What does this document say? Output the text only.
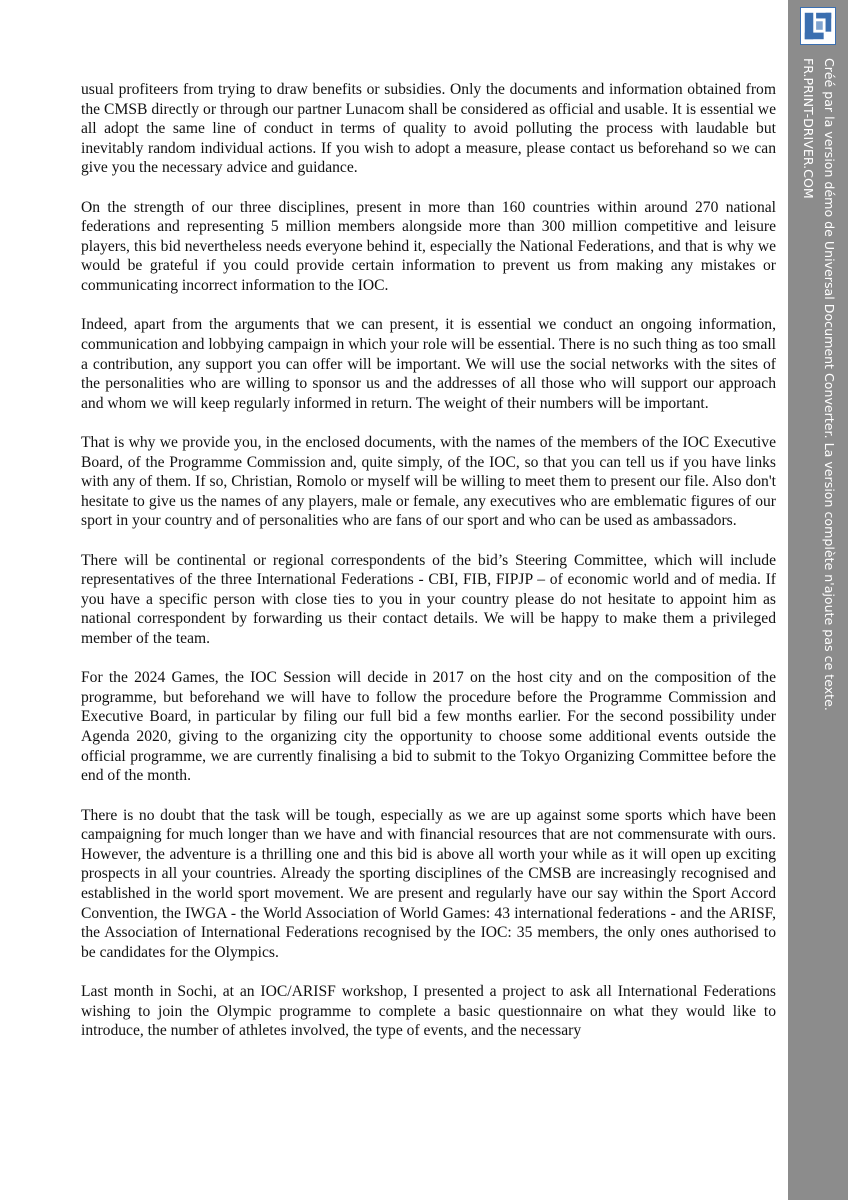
usual profiteers from trying to draw benefits or subsidies. Only the documents and information obtained from the CMSB directly or through our partner Lunacom shall be considered as official and usable. It is essential we all adopt the same line of conduct in terms of quality to avoid polluting the process with laudable but inevitably random individual actions. If you wish to adopt a measure, please contact us beforehand so we can give you the necessary advice and guidance.

On the strength of our three disciplines, present in more than 160 countries within around 270 national federations and representing 5 million members alongside more than 300 million competitive and leisure players, this bid nevertheless needs everyone behind it, especially the National Federations, and that is why we would be grateful if you could provide certain information to prevent us from making any mistakes or communicating incorrect information to the IOC.

Indeed, apart from the arguments that we can present, it is essential we conduct an ongoing information, communication and lobbying campaign in which your role will be essential. There is no such thing as too small a contribution, any support you can offer will be important. We will use the social networks with the sites of the personalities who are willing to sponsor us and the addresses of all those who will support our approach and whom we will keep regularly informed in return. The weight of their numbers will be important.

That is why we provide you, in the enclosed documents, with the names of the members of the IOC Executive Board, of the Programme Commission and, quite simply, of the IOC, so that you can tell us if you have links with any of them. If so, Christian, Romolo or myself will be willing to meet them to present our file. Also don't hesitate to give us the names of any players, male or female, any executives who are emblematic figures of our sport in your country and of personalities who are fans of our sport and who can be used as ambassadors.

There will be continental or regional correspondents of the bid’s Steering Committee, which will include representatives of the three International Federations - CBI, FIB, FIPJP – of economic world and of media. If you have a specific person with close ties to you in your country please do not hesitate to appoint him as national correspondent by forwarding us their contact details. We will be happy to make them a privileged member of the team.

For the 2024 Games, the IOC Session will decide in 2017 on the host city and on the composition of the programme, but beforehand we will have to follow the procedure before the Programme Commission and Executive Board, in particular by filing our full bid a few months earlier. For the second possibility under Agenda 2020, giving to the organizing city the opportunity to choose some additional events outside the official programme, we are currently finalising a bid to submit to the Tokyo Organizing Committee before the end of the month.

There is no doubt that the task will be tough, especially as we are up against some sports which have been campaigning for much longer than we have and with financial resources that are not commensurate with ours. However, the adventure is a thrilling one and this bid is above all worth your while as it will open up exciting prospects in all your countries. Already the sporting disciplines of the CMSB are increasingly recognised and established in the world sport movement. We are present and regularly have our say within the Sport Accord Convention, the IWGA - the World Association of World Games: 43 international federations - and the ARISF, the Association of International Federations recognised by the IOC: 35 members, the only ones authorised to be candidates for the Olympics.

Last month in Sochi, at an IOC/ARISF workshop, I presented a project to ask all International Federations wishing to join the Olympic programme to complete a basic questionnaire on what they would like to introduce, the number of athletes involved, the type of events, and the necessary

Créé par la version démo de Universal Document Converter. La version complète n'ajoute pas ce texte.
FR.PRINT-DRIVER.COM
